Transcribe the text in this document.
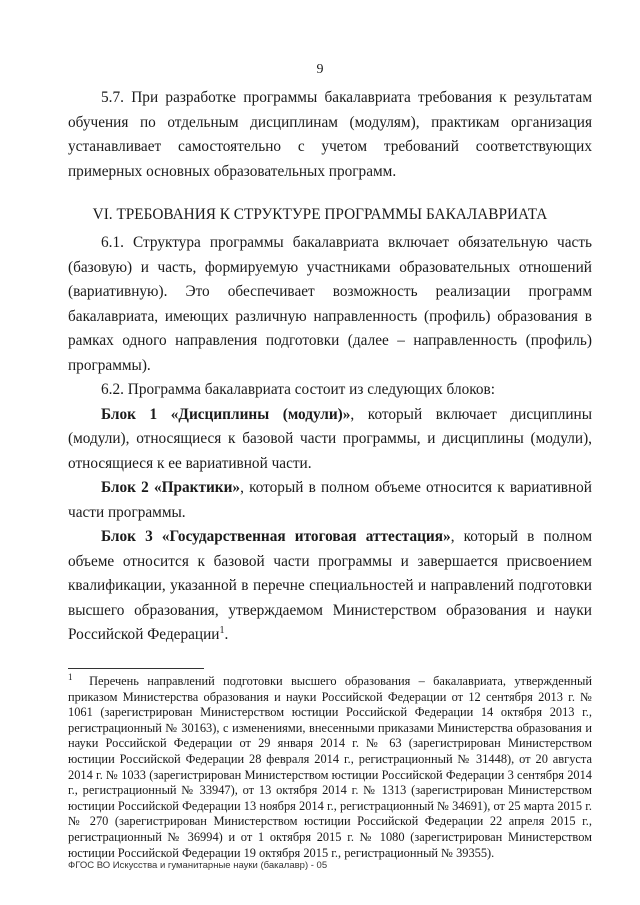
9

5.7. При разработке программы бакалавриата требования к результатам обучения по отдельным дисциплинам (модулям), практикам организация устанавливает самостоятельно с учетом требований соответствующих примерных основных образовательных программ.

VI. ТРЕБОВАНИЯ К СТРУКТУРЕ ПРОГРАММЫ БАКАЛАВРИАТА

6.1. Структура программы бакалавриата включает обязательную часть (базовую) и часть, формируемую участниками образовательных отношений (вариативную). Это обеспечивает возможность реализации программ бакалавриата, имеющих различную направленность (профиль) образования в рамках одного направления подготовки (далее – направленность (профиль) программы).

6.2. Программа бакалавриата состоит из следующих блоков:

Блок 1 «Дисциплины (модули)», который включает дисциплины (модули), относящиеся к базовой части программы, и дисциплины (модули), относящиеся к ее вариативной части.

Блок 2 «Практики», который в полном объеме относится к вариативной части программы.

Блок 3 «Государственная итоговая аттестация», который в полном объеме относится к базовой части программы и завершается присвоением квалификации, указанной в перечне специальностей и направлений подготовки высшего образования, утверждаемом Министерством образования и науки Российской Федерации$^1$.

$^1$ Перечень направлений подготовки высшего образования – бакалавриата, утвержденный приказом Министерства образования и науки Российской Федерации от 12 сентября 2013 г. № 1061 (зарегистрирован Министерством юстиции Российской Федерации 14 октября 2013 г., регистрационный № 30163), с изменениями, внесенными приказами Министерства образования и науки Российской Федерации от 29 января 2014 г. № 63 (зарегистрирован Министерством юстиции Российской Федерации 28 февраля 2014 г., регистрационный № 31448), от 20 августа 2014 г. № 1033 (зарегистрирован Министерством юстиции Российской Федерации 3 сентября 2014 г., регистрационный № 33947), от 13 октября 2014 г. № 1313 (зарегистрирован Министерством юстиции Российской Федерации 13 ноября 2014 г., регистрационный № 34691), от 25 марта 2015 г. № 270 (зарегистрирован Министерством юстиции Российской Федерации 22 апреля 2015 г., регистрационный № 36994) и от 1 октября 2015 г. № 1080 (зарегистрирован Министерством юстиции Российской Федерации 19 октября 2015 г., регистрационный № 39355).
ФГОС ВО Искусства и гуманитарные науки (бакалавр) - 05
